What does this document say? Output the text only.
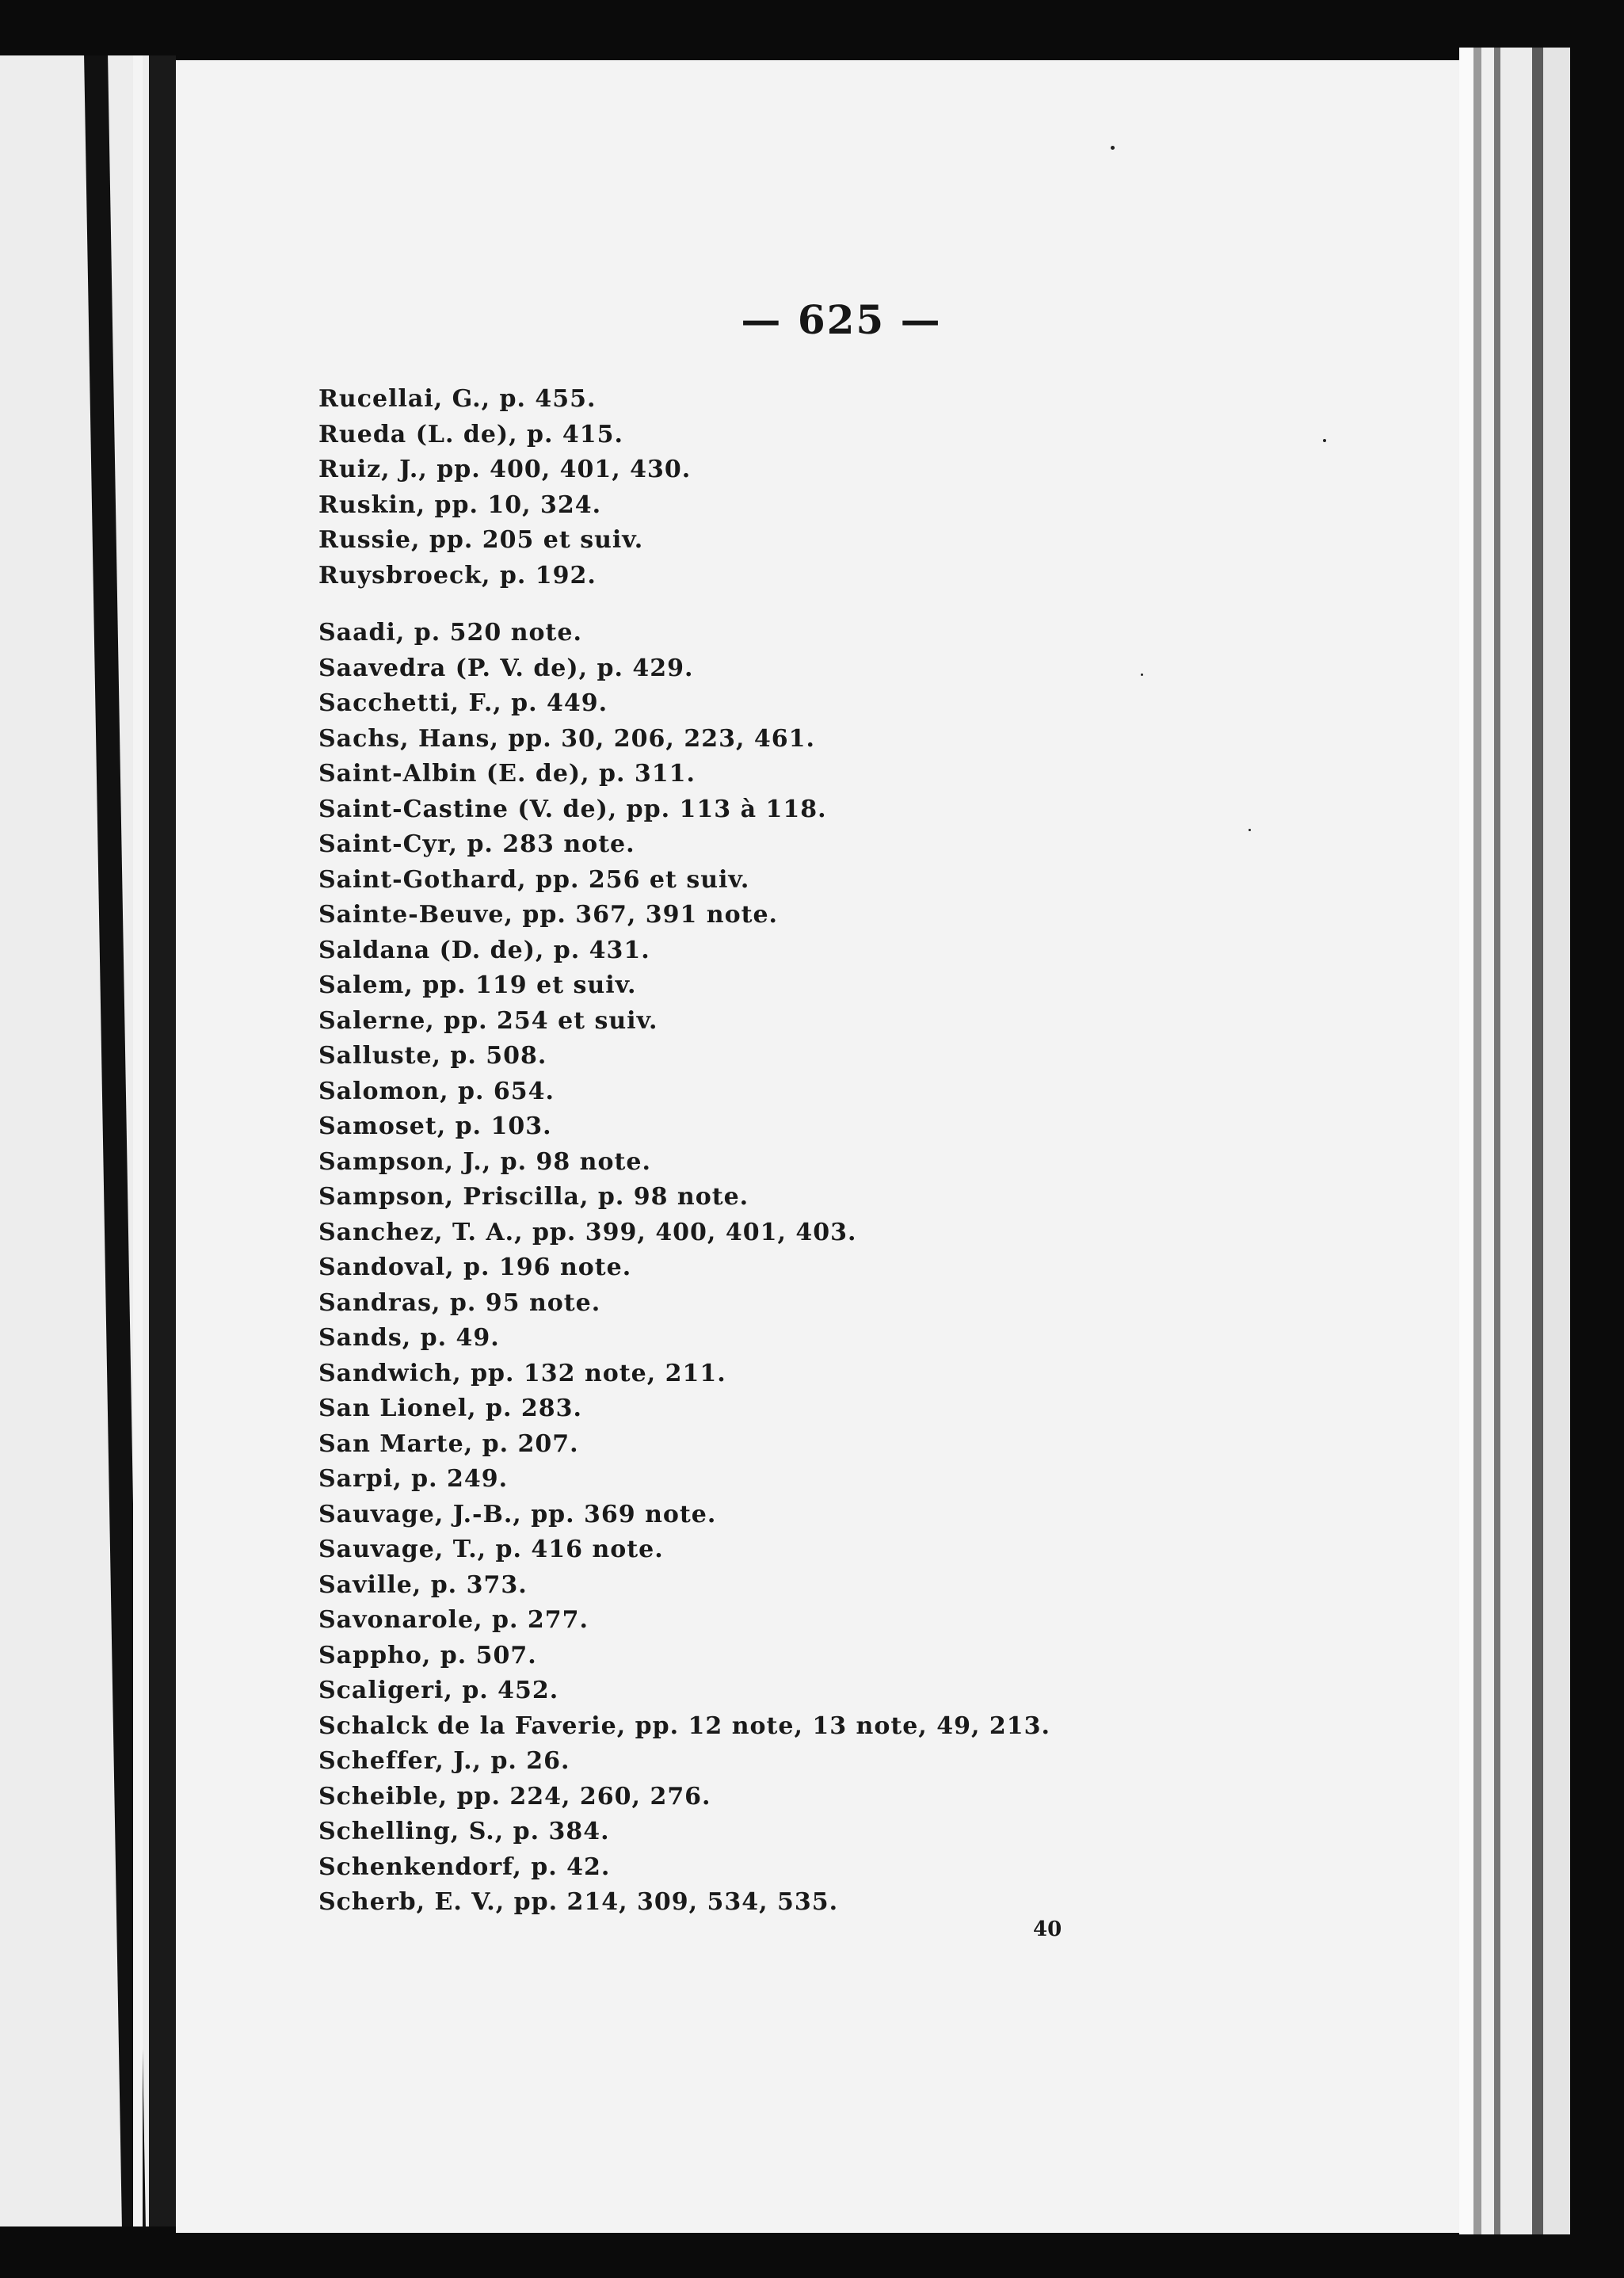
— 625 —
Rucellai, G., p. 455.
Rueda (L. de), p. 415.
Ruiz, J., pp. 400, 401, 430.
Ruskin, pp. 10, 324.
Russie, pp. 205 et suiv.
Ruysbroeck, p. 192.
Saadi, p. 520 note.
Saavedra (P. V. de), p. 429.
Sacchetti, F., p. 449.
Sachs, Hans, pp. 30, 206, 223, 461.
Saint-Albin (E. de), p. 311.
Saint-Castine (V. de), pp. 113 à 118.
Saint-Cyr, p. 283 note.
Saint-Gothard, pp. 256 et suiv.
Sainte-Beuve, pp. 367, 391 note.
Saldana (D. de), p. 431.
Salem, pp. 119 et suiv.
Salerne, pp. 254 et suiv.
Salluste, p. 508.
Salomon, p. 654.
Samoset, p. 103.
Sampson, J., p. 98 note.
Sampson, Priscilla, p. 98 note.
Sanchez, T. A., pp. 399, 400, 401, 403.
Sandoval, p. 196 note.
Sandras, p. 95 note.
Sands, p. 49.
Sandwich, pp. 132 note, 211.
San Lionel, p. 283.
San Marte, p. 207.
Sarpi, p. 249.
Sauvage, J.-B., pp. 369 note.
Sauvage, T., p. 416 note.
Saville, p. 373.
Savonarole, p. 277.
Sappho, p. 507.
Scaligeri, p. 452.
Schalck de la Faverie, pp. 12 note, 13 note, 49, 213.
Scheffer, J., p. 26.
Scheible, pp. 224, 260, 276.
Schelling, S., p. 384.
Schenkendorf, p. 42.
Scherb, E. V., pp. 214, 309, 534, 535.
40
